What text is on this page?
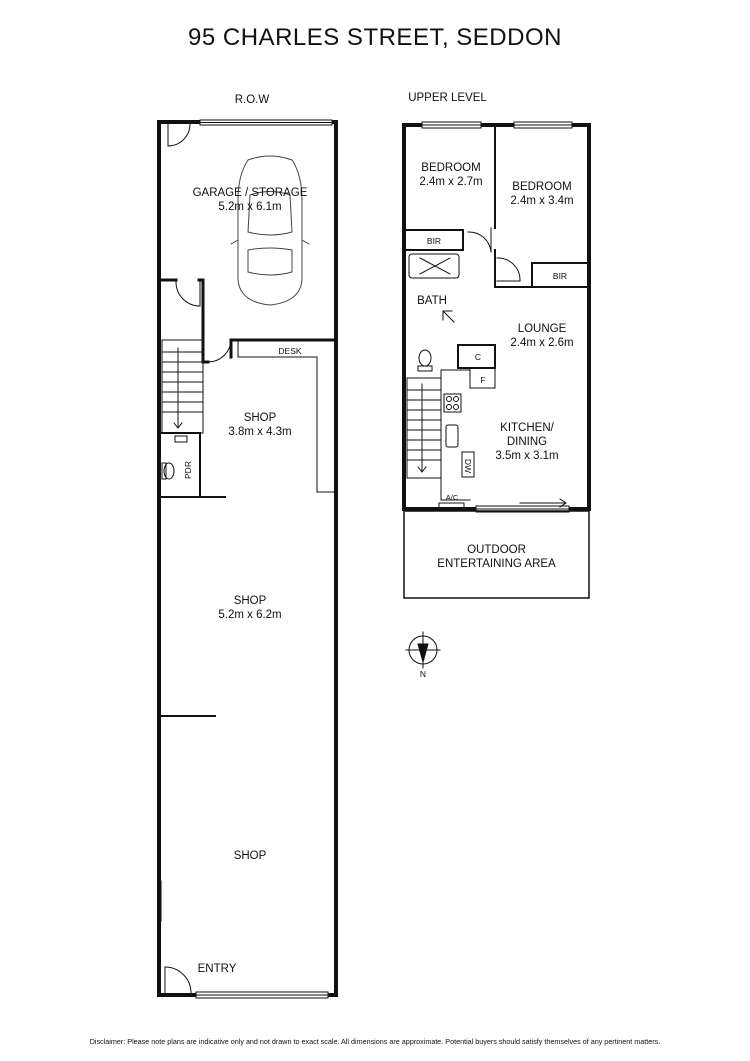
95 CHARLES STREET, SEDDON
R.O.W
GARAGE / STORAGE
5.2m x 6.1m
DESK
PDR
SHOP
3.8m x 4.3m
SHOP
5.2m x 6.2m
SHOP
ENTRY
UPPER LEVEL
BEDROOM
2.4m x 2.7m	BEDROOM
2.4m x 3.4m
BIR
BIR
BATH
LOUNGE
2.4m x 2.6m
C
F
KITCHEN/
DINING
3.5m x 3.1m
DW
A/C
OUTDOOR
ENTERTAINING AREA
N
Disclaimer: Please note plans are indicative only and not drawn to exact scale. All dimensions are approximate. Potential buyers should satisfy themselves of any pertinent matters.
